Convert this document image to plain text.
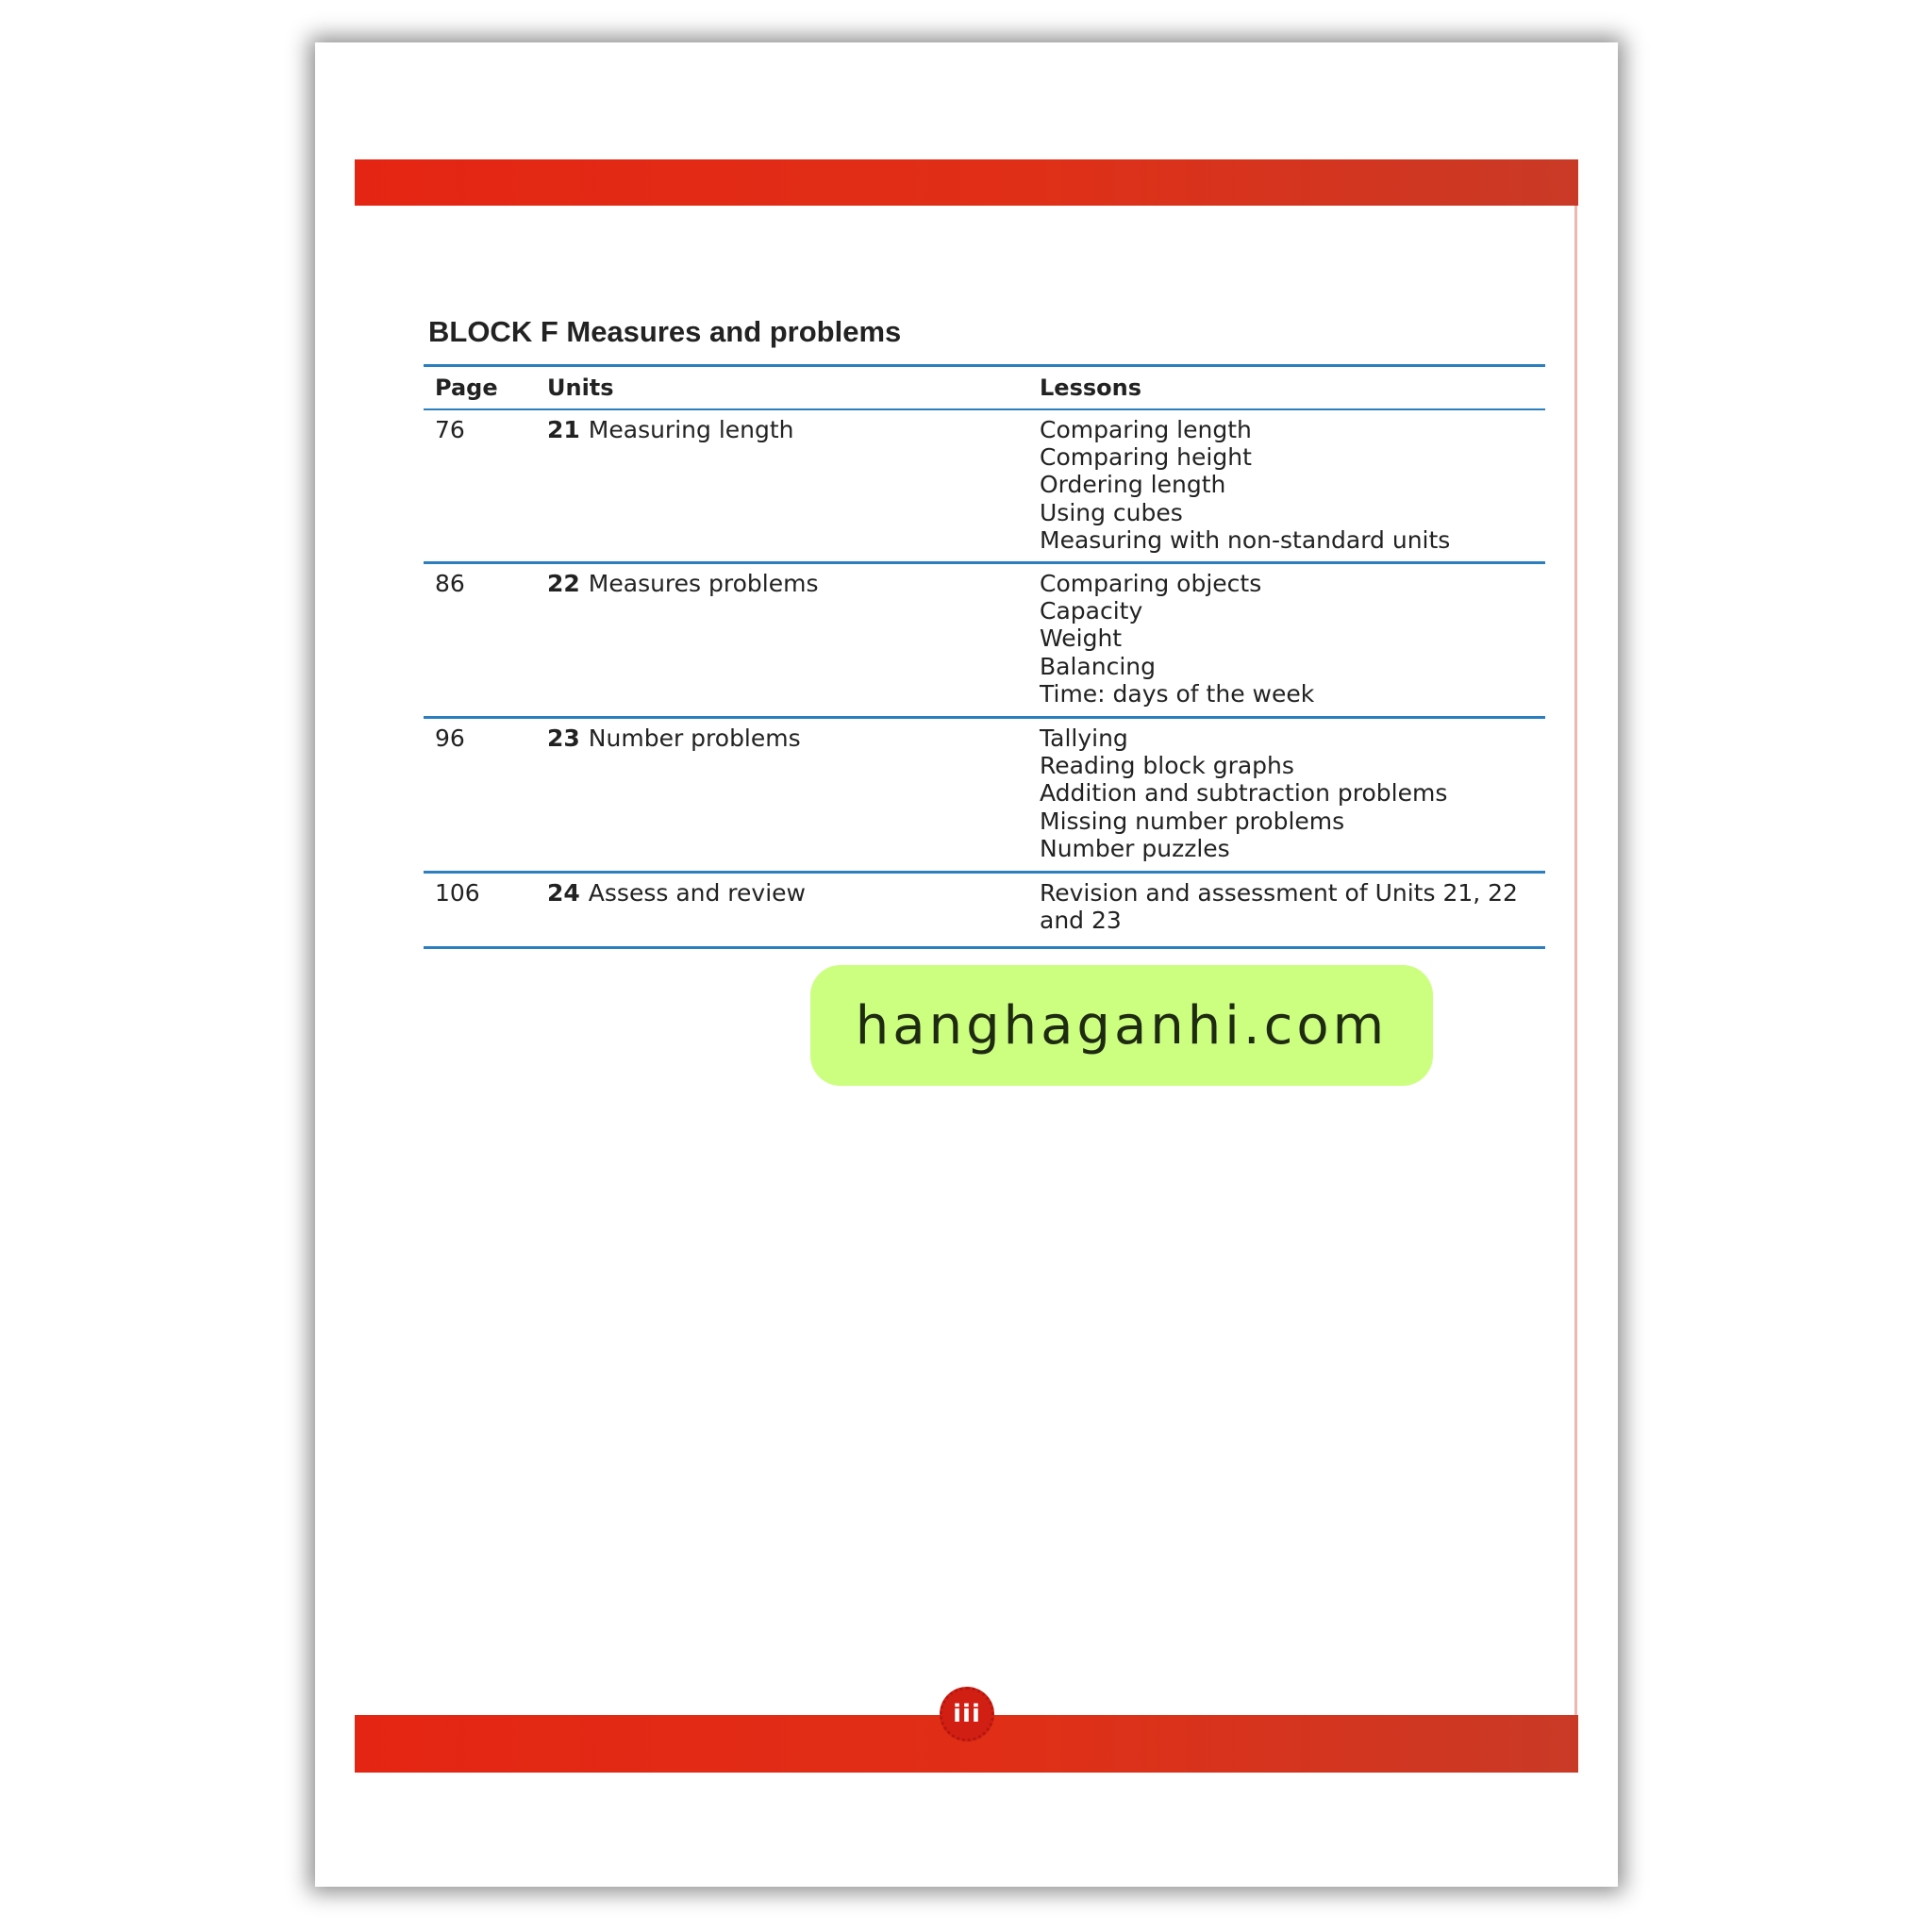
BLOCK F Measures and problems
Page	Units	Lessons
76	21 Measuring length	Comparing length
Comparing height
Ordering length
Using cubes
Measuring with non-standard units
86	22 Measures problems	Comparing objects
Capacity
Weight
Balancing
Time: days of the week
96	23 Number problems	Tallying
Reading block graphs
Addition and subtraction problems
Missing number problems
Number puzzles
106	24 Assess and review	Revision and assessment of Units 21, 22
and 23
hanghaganhi.com
iii
